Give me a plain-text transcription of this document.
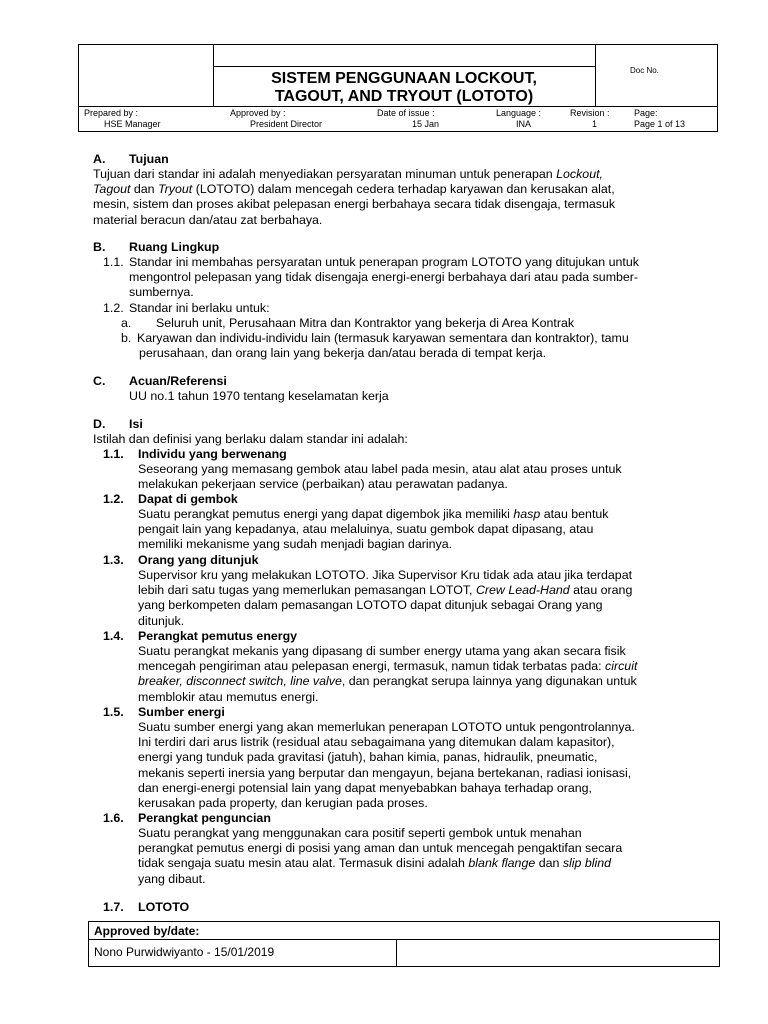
SISTEM PENGGUNAAN LOCKOUT,
TAGOUT, AND TRYOUT (LOTOTO)
Doc No.
Prepared by :
HSE Manager
Approved by :
President Director
Date of issue :
15 Jan
Language :
INA
Revision :
1
Page:
Page 1 of 13
A. Tujuan
Tujuan dari standar ini adalah menyediakan persyaratan minuman untuk penerapan Lockout,
Tagout dan Tryout (LOTOTO) dalam mencegah cedera terhadap karyawan dan kerusakan alat,
mesin, sistem dan proses akibat pelepasan energi berbahaya secara tidak disengaja, termasuk
material beracun dan/atau zat berbahaya.
B. Ruang Lingkup
1.1. Standar ini membahas persyaratan untuk penerapan program LOTOTO yang ditujukan untuk
mengontrol pelepasan yang tidak disengaja energi-energi berbahaya dari atau pada sumber-
sumbernya.
1.2. Standar ini berlaku untuk:
a. Seluruh unit, Perusahaan Mitra dan Kontraktor yang bekerja di Area Kontrak
b. Karyawan dan individu-individu lain (termasuk karyawan sementara dan kontraktor), tamu
perusahaan, dan orang lain yang bekerja dan/atau berada di tempat kerja.
C. Acuan/Referensi
UU no.1 tahun 1970 tentang keselamatan kerja
D. Isi
Istilah dan definisi yang berlaku dalam standar ini adalah:
1.1. Individu yang berwenang
Seseorang yang memasang gembok atau label pada mesin, atau alat atau proses untuk
melakukan pekerjaan service (perbaikan) atau perawatan padanya.
1.2. Dapat di gembok
Suatu perangkat pemutus energi yang dapat digembok jika memiliki hasp atau bentuk
pengait lain yang kepadanya, atau melaluinya, suatu gembok dapat dipasang, atau
memiliki mekanisme yang sudah menjadi bagian darinya.
1.3. Orang yang ditunjuk
Supervisor kru yang melakukan LOTOTO. Jika Supervisor Kru tidak ada atau jika terdapat
lebih dari satu tugas yang memerlukan pemasangan LOTOT, Crew Lead-Hand atau orang
yang berkompeten dalam pemasangan LOTOTO dapat ditunjuk sebagai Orang yang
ditunjuk.
1.4. Perangkat pemutus energy
Suatu perangkat mekanis yang dipasang di sumber energy utama yang akan secara fisik
mencegah pengiriman atau pelepasan energi, termasuk, namun tidak terbatas pada: circuit
breaker, disconnect switch, line valve, dan perangkat serupa lainnya yang digunakan untuk
memblokir atau memutus energi.
1.5. Sumber energi
Suatu sumber energi yang akan memerlukan penerapan LOTOTO untuk pengontrolannya.
Ini terdiri dari arus listrik (residual atau sebagaimana yang ditemukan dalam kapasitor),
energi yang tunduk pada gravitasi (jatuh), bahan kimia, panas, hidraulik, pneumatic,
mekanis seperti inersia yang berputar dan mengayun, bejana bertekanan, radiasi ionisasi,
dan energi-energi potensial lain yang dapat menyebabkan bahaya terhadap orang,
kerusakan pada property, dan kerugian pada proses.
1.6. Perangkat penguncian
Suatu perangkat yang menggunakan cara positif seperti gembok untuk menahan
perangkat pemutus energi di posisi yang aman dan untuk mencegah pengaktifan secara
tidak sengaja suatu mesin atau alat. Termasuk disini adalah blank flange dan slip blind
yang dibaut.
1.7. LOTOTO
Approved by/date:
Nono Purwidwiyanto - 15/01/2019
